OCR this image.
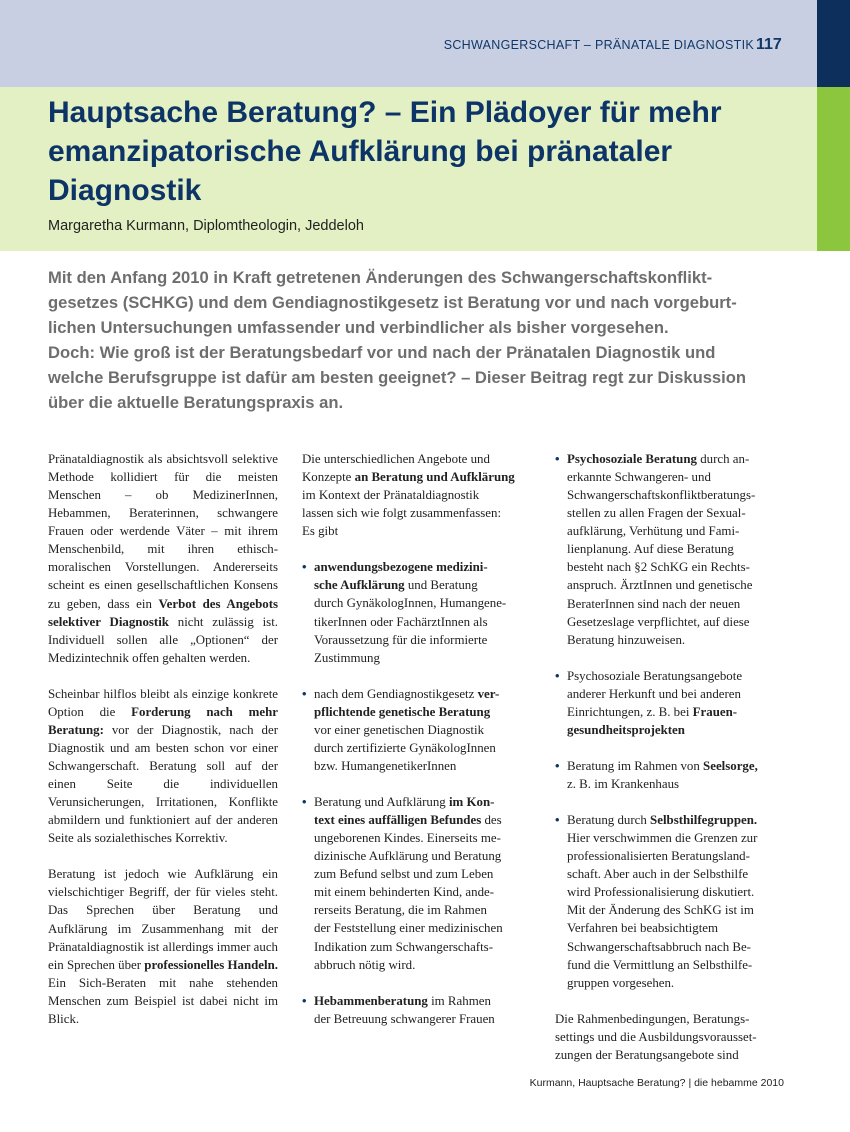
SCHWANGERSCHAFT – PRÄNATALE DIAGNOSTIK 117
Hauptsache Beratung? – Ein Plädoyer für mehr
emanzipatorische Aufklärung bei pränataler
Diagnostik
Margaretha Kurmann, Diplomtheologin, Jeddeloh

Mit den Anfang 2010 in Kraft getretenen Änderungen des Schwangerschaftskonflikt-

gesetzes (SCHKG) und dem Gendiagnostikgesetz ist Beratung vor und nach vorgeburt-

lichen Untersuchungen umfassender und verbindlicher als bisher vorgesehen.

Doch: Wie groß ist der Beratungsbedarf vor und nach der Pränatalen Diagnostik und

welche Berufsgruppe ist dafür am besten geeignet? – Dieser Beitrag regt zur Diskussion

über die aktuelle Beratungspraxis an.

Pränataldiagnostik als absichtsvoll selektive Methode kollidiert für die meisten Menschen – ob MedizinerInnen, Hebammen, Beraterinnen, schwangere Frauen oder werdende Väter – mit ihrem Menschenbild, mit ihren ethisch-moralischen Vorstellungen. Andererseits scheint es einen gesellschaftlichen Konsens zu geben, dass ein Verbot des Angebots selektiver Diagnostik nicht zulässig ist. Individuell sollen alle „Optionen“ der Medizintechnik offen gehalten werden.

Scheinbar hilflos bleibt als einzige konkrete Option die Forderung nach mehr Beratung: vor der Diagnostik, nach der Diagnostik und am besten schon vor einer Schwangerschaft. Beratung soll auf der einen Seite die individuellen Verunsicherungen, Irritationen, Konflikte abmildern und funktioniert auf der anderen Seite als sozialethisches Korrektiv.

Beratung ist jedoch wie Aufklärung ein vielschichtiger Begriff, der für vieles steht. Das Sprechen über Beratung und Aufklärung im Zusammenhang mit der Pränataldiagnostik ist allerdings immer auch ein Sprechen über professionelles Handeln. Ein Sich-Beraten mit nahe stehenden Menschen zum Beispiel ist dabei nicht im Blick.

Die unterschiedlichen Angebote und
Konzepte an Beratung und Aufklärung
im Kontext der Pränataldiagnostik
lassen sich wie folgt zusammenfassen:
Es gibt

• anwendungsbezogene medizini-
sche Aufklärung und Beratung
durch GynäkologInnen, Humangene-
tikerInnen oder FachärztInnen als
Voraussetzung für die informierte
Zustimmung
• nach dem Gendiagnostikgesetz ver-
pflichtende genetische Beratung
vor einer genetischen Diagnostik
durch zertifizierte GynäkologInnen
bzw. HumangenetikerInnen
• Beratung und Aufklärung im Kon-
text eines auffälligen Befundes des
ungeborenen Kindes. Einerseits me-
dizinische Aufklärung und Beratung
zum Befund selbst und zum Leben
mit einem behinderten Kind, ande-
rerseits Beratung, die im Rahmen
der Feststellung einer medizinischen
Indikation zum Schwangerschafts-
abbruch nötig wird.
• Hebammenberatung im Rahmen
der Betreuung schwangerer Frauen
• Psychosoziale Beratung durch an-
erkannte Schwangeren- und
Schwangerschaftskonfliktberatungs-
stellen zu allen Fragen der Sexual-
aufklärung, Verhütung und Fami-
lienplanung. Auf diese Beratung
besteht nach §2 SchKG ein Rechts-
anspruch. ÄrztInnen und genetische
BeraterInnen sind nach der neuen
Gesetzeslage verpflichtet, auf diese
Beratung hinzuweisen.
• Psychosoziale Beratungsangebote
anderer Herkunft und bei anderen
Einrichtungen, z. B. bei Frauen-
gesundheitsprojekten
• Beratung im Rahmen von Seelsorge,
z. B. im Krankenhaus
• Beratung durch Selbsthilfegruppen.
Hier verschwimmen die Grenzen zur
professionalisierten Beratungsland-
schaft. Aber auch in der Selbsthilfe
wird Professionalisierung diskutiert.
Mit der Änderung des SchKG ist im
Verfahren bei beabsichtigtem
Schwangerschaftsabbruch nach Be-
fund die Vermittlung an Selbsthilfe-
gruppen vorgesehen.

Die Rahmenbedingungen, Beratungs-
settings und die Ausbildungsvorausset-
zungen der Beratungsangebote sind

Kurmann, Hauptsache Beratung? | die hebamme 2010
